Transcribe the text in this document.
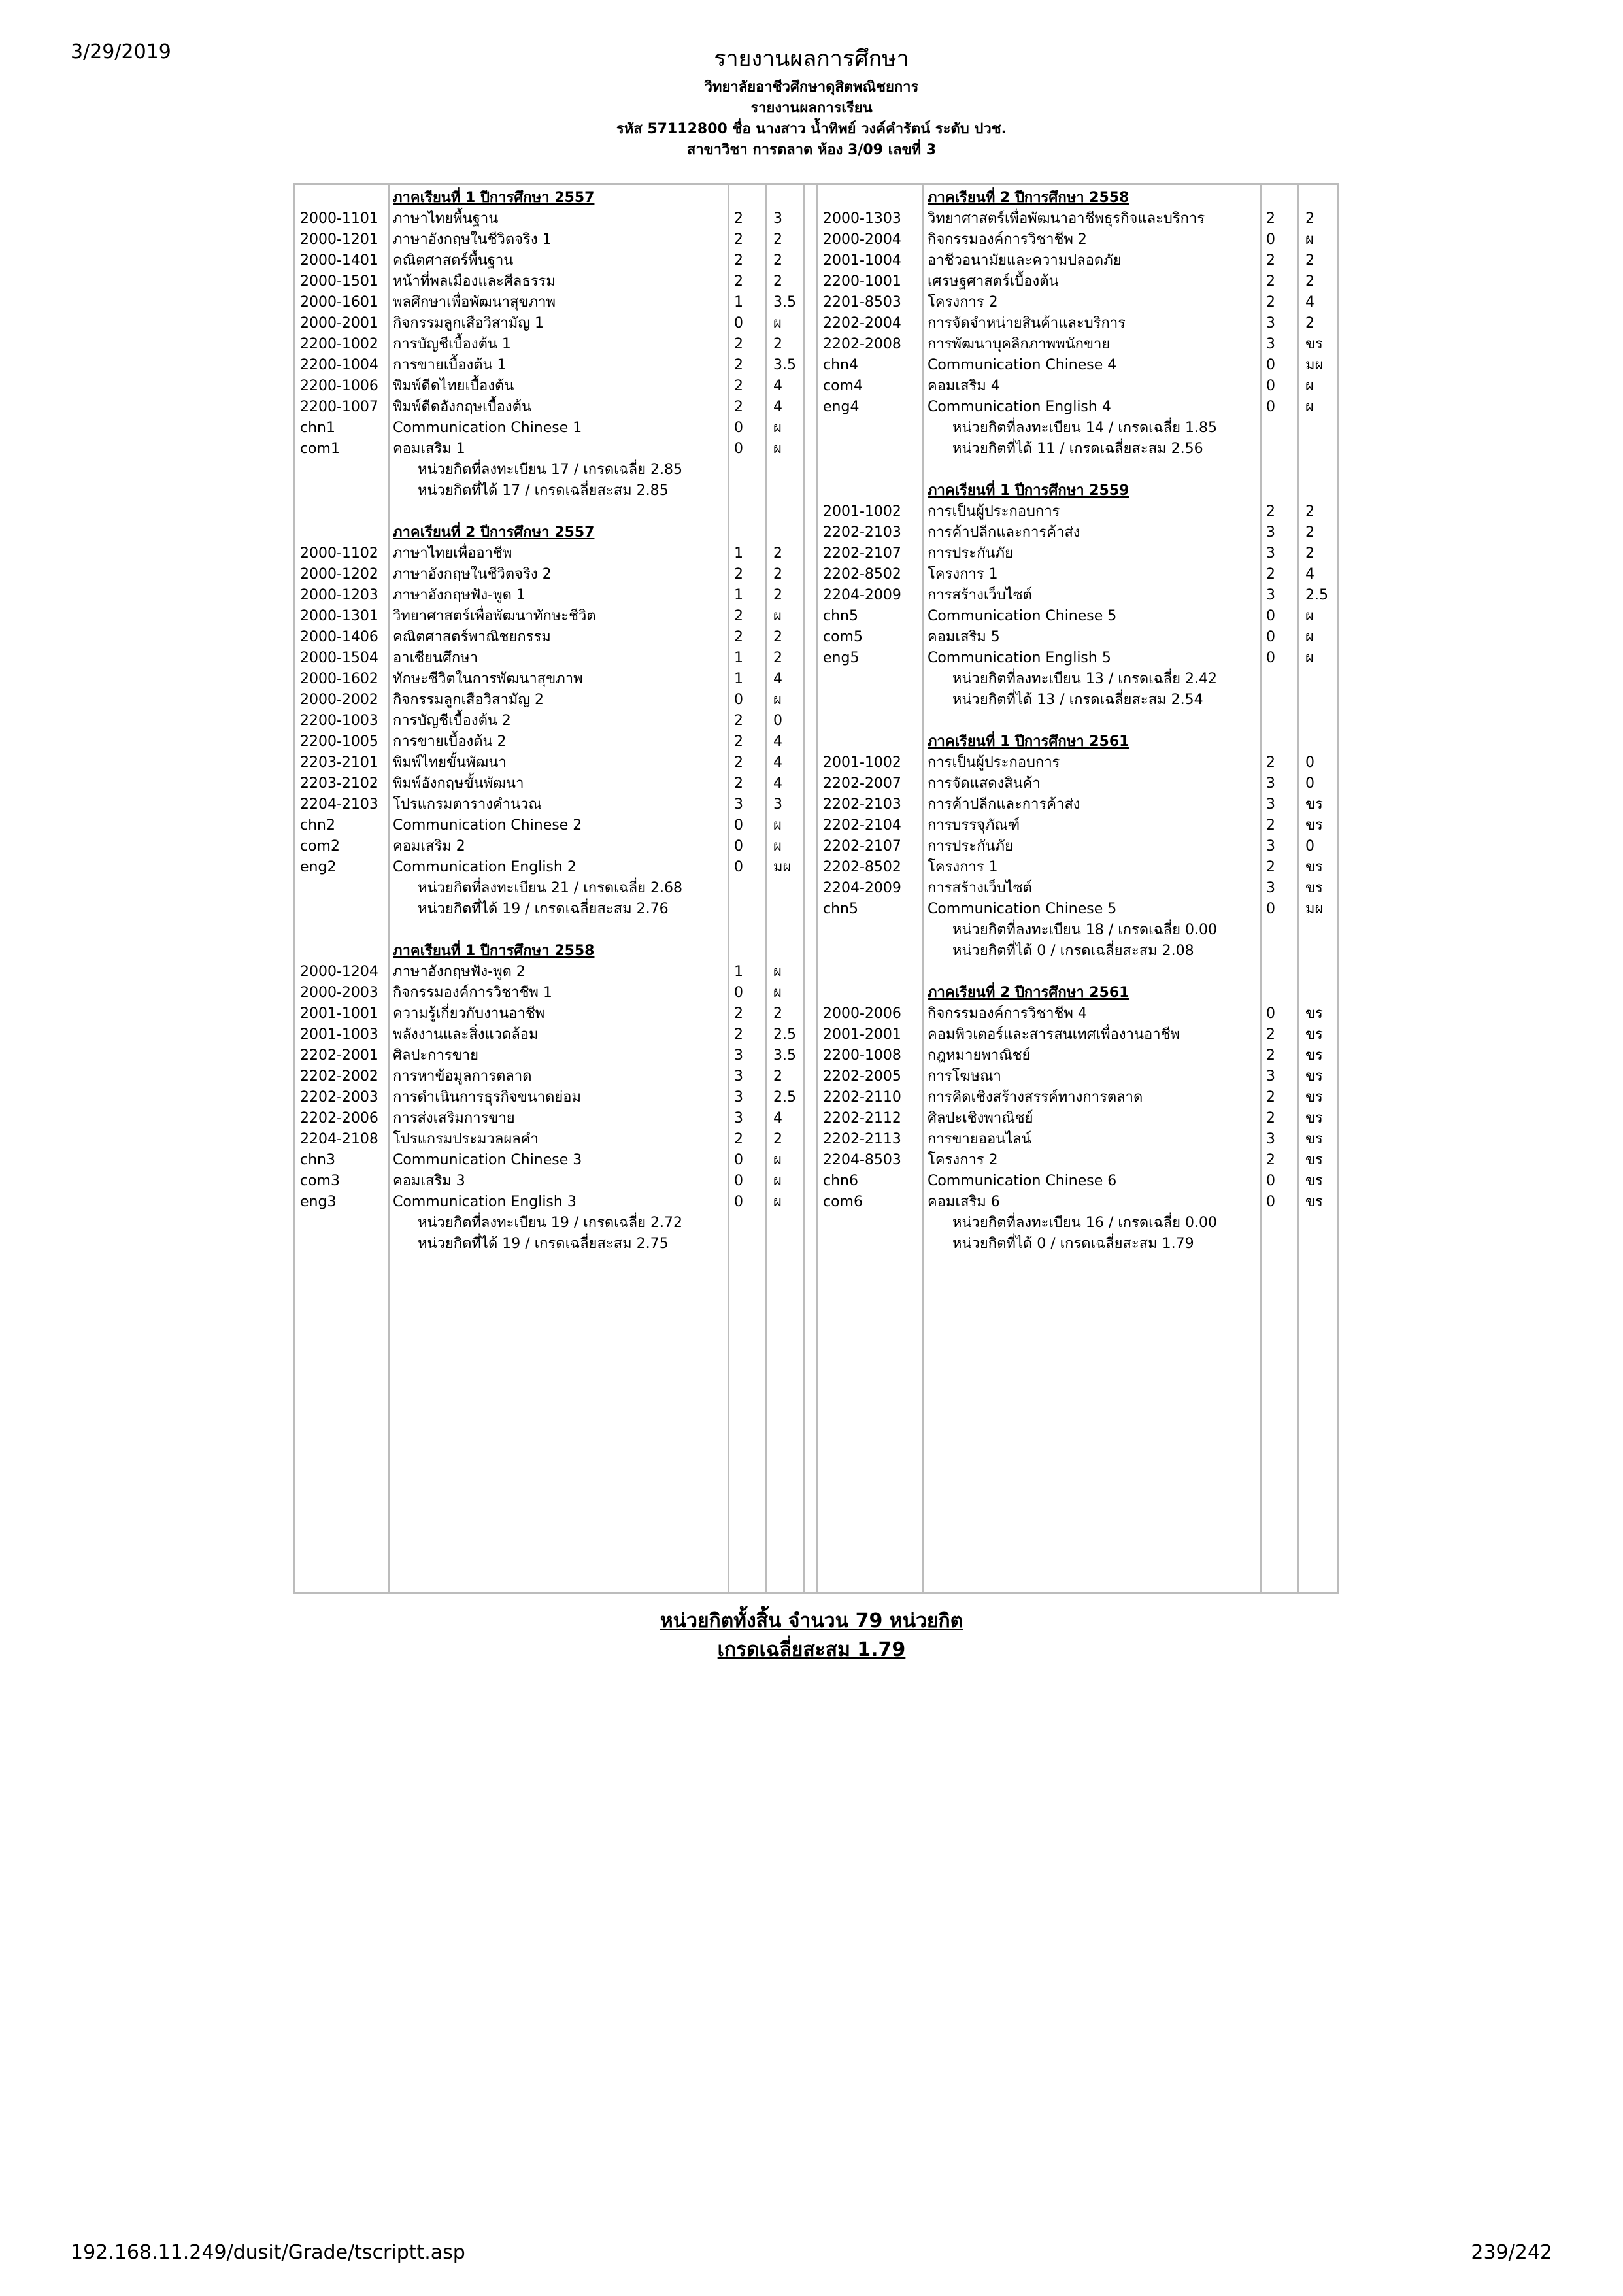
3/29/2019	รายงานผลการศึกษา
วิทยาลัยอาชีวศึกษาดุสิตพณิชยการ
รายงานผลการเรียน
รหัส 57112800 ชื่อ นางสาว น้ำทิพย์ วงค์คำรัตน์ ระดับ ปวช.
สาขาวิชา การตลาด ห้อง 3/09 เลขที่ 3
ภาคเรียนที่ 1 ปีการศึกษา 2557
2000-1101 ภาษาไทยพื้นฐาน	2 3
2000-1201 ภาษาอังกฤษในชีวิตจริง 1	2 2
2000-1401 คณิตศาสตร์พื้นฐาน	2 2
2000-1501 หน้าที่พลเมืองและศีลธรรม	2 2
2000-1601 พลศึกษาเพื่อพัฒนาสุขภาพ	1 3.5
2000-2001 กิจกรรมลูกเสือวิสามัญ 1	0 ผ
2200-1002 การบัญชีเบื้องต้น 1	2 2
2200-1004 การขายเบื้องต้น 1	2 3.5
2200-1006 พิมพ์ดีดไทยเบื้องต้น	2 4
2200-1007 พิมพ์ดีดอังกฤษเบื้องต้น	2 4
chn1	Communication Chinese 1	0 ผ
com1	คอมเสริม 1	0 ผ
หน่วยกิตที่ลงทะเบียน 17 / เกรดเฉลี่ย 2.85
หน่วยกิตที่ได้ 17 / เกรดเฉลี่ยสะสม 2.85
ภาคเรียนที่ 2 ปีการศึกษา 2557
2000-1102 ภาษาไทยเพื่ออาชีพ	1 2
2000-1202 ภาษาอังกฤษในชีวิตจริง 2	2 2
2000-1203 ภาษาอังกฤษฟัง-พูด 1	1 2
2000-1301 วิทยาศาสตร์เพื่อพัฒนาทักษะชีวิต	2 ผ
2000-1406 คณิตศาสตร์พาณิชยกรรม	2 2
2000-1504 อาเซียนศึกษา	1 2
2000-1602 ทักษะชีวิตในการพัฒนาสุขภาพ	1 4
2000-2002 กิจกรรมลูกเสือวิสามัญ 2	0 ผ
2200-1003 การบัญชีเบื้องต้น 2	2 0
2200-1005 การขายเบื้องต้น 2	2 4
2203-2101 พิมพ์ไทยขั้นพัฒนา	2 4
2203-2102 พิมพ์อังกฤษขั้นพัฒนา	2 4
2204-2103 โปรแกรมตารางคำนวณ	3 3
chn2	Communication Chinese 2	0 ผ
com2	คอมเสริม 2	0 ผ
eng2	Communication English 2	0 มผ
หน่วยกิตที่ลงทะเบียน 21 / เกรดเฉลี่ย 2.68
หน่วยกิตที่ได้ 19 / เกรดเฉลี่ยสะสม 2.76
ภาคเรียนที่ 1 ปีการศึกษา 2558
2000-1204 ภาษาอังกฤษฟัง-พูด 2	1 ผ
2000-2003 กิจกรรมองค์การวิชาชีพ 1	0 ผ
2001-1001 ความรู้เกี่ยวกับงานอาชีพ	2 2
2001-1003 พลังงานและสิ่งแวดล้อม	2 2.5
2202-2001 ศิลปะการขาย	3 3.5
2202-2002 การหาข้อมูลการตลาด	3 2
2202-2003 การดำเนินการธุรกิจขนาดย่อม	3 2.5
2202-2006 การส่งเสริมการขาย	3 4
2204-2108 โปรแกรมประมวลผลคำ	2 2
chn3	Communication Chinese 3	0 ผ
com3	คอมเสริม 3	0 ผ
eng3	Communication English 3	0 ผ
หน่วยกิตที่ลงทะเบียน 19 / เกรดเฉลี่ย 2.72
หน่วยกิตที่ได้ 19 / เกรดเฉลี่ยสะสม 2.75
ภาคเรียนที่ 2 ปีการศึกษา 2558
2000-1303 วิทยาศาสตร์เพื่อพัฒนาอาชีพธุรกิจและบริการ	2 2
2000-2004 กิจกรรมองค์การวิชาชีพ 2	0 ผ
2001-1004 อาชีวอนามัยและความปลอดภัย	2 2
2200-1001 เศรษฐศาสตร์เบื้องต้น	2 2
2201-8503 โครงการ 2	2 4
2202-2004 การจัดจำหน่ายสินค้าและบริการ	3 2
2202-2008 การพัฒนาบุคลิกภาพพนักขาย	3 ขร
chn4	Communication Chinese 4	0 มผ
com4	คอมเสริม 4	0 ผ
eng4	Communication English 4	0 ผ
หน่วยกิตที่ลงทะเบียน 14 / เกรดเฉลี่ย 1.85
หน่วยกิตที่ได้ 11 / เกรดเฉลี่ยสะสม 2.56
ภาคเรียนที่ 1 ปีการศึกษา 2559
2001-1002 การเป็นผู้ประกอบการ	2 2
2202-2103 การค้าปลีกและการค้าส่ง	3 2
2202-2107 การประกันภัย	3 2
2202-8502 โครงการ 1	2 4
2204-2009 การสร้างเว็บไซต์	3 2.5
chn5	Communication Chinese 5	0 ผ
com5	คอมเสริม 5	0 ผ
eng5	Communication English 5	0 ผ
หน่วยกิตที่ลงทะเบียน 13 / เกรดเฉลี่ย 2.42
หน่วยกิตที่ได้ 13 / เกรดเฉลี่ยสะสม 2.54
ภาคเรียนที่ 1 ปีการศึกษา 2561
2001-1002 การเป็นผู้ประกอบการ	2 0
2202-2007 การจัดแสดงสินค้า	3 0
2202-2103 การค้าปลีกและการค้าส่ง	3 ขร
2202-2104 การบรรจุภัณฑ์	2 ขร
2202-2107 การประกันภัย	3 0
2202-8502 โครงการ 1	2 ขร
2204-2009 การสร้างเว็บไซต์	3 ขร
chn5	Communication Chinese 5	0 มผ
หน่วยกิตที่ลงทะเบียน 18 / เกรดเฉลี่ย 0.00
หน่วยกิตที่ได้ 0 / เกรดเฉลี่ยสะสม 2.08
ภาคเรียนที่ 2 ปีการศึกษา 2561
2000-2006 กิจกรรมองค์การวิชาชีพ 4	0 ขร
2001-2001 คอมพิวเตอร์และสารสนเทศเพื่องานอาชีพ	2 ขร
2200-1008 กฎหมายพาณิชย์	2 ขร
2202-2005 การโฆษณา	3 ขร
2202-2110 การคิดเชิงสร้างสรรค์ทางการตลาด	2 ขร
2202-2112 ศิลปะเชิงพาณิชย์	2 ขร
2202-2113 การขายออนไลน์	3 ขร
2204-8503 โครงการ 2	2 ขร
chn6	Communication Chinese 6	0 ขร
com6	คอมเสริม 6	0 ขร
หน่วยกิตที่ลงทะเบียน 16 / เกรดเฉลี่ย 0.00
หน่วยกิตที่ได้ 0 / เกรดเฉลี่ยสะสม 1.79
หน่วยกิตทั้งสิ้น จำนวน 79 หน่วยกิต
เกรดเฉลี่ยสะสม 1.79
192.168.11.249/dusit/Grade/tscriptt.asp	239/242
